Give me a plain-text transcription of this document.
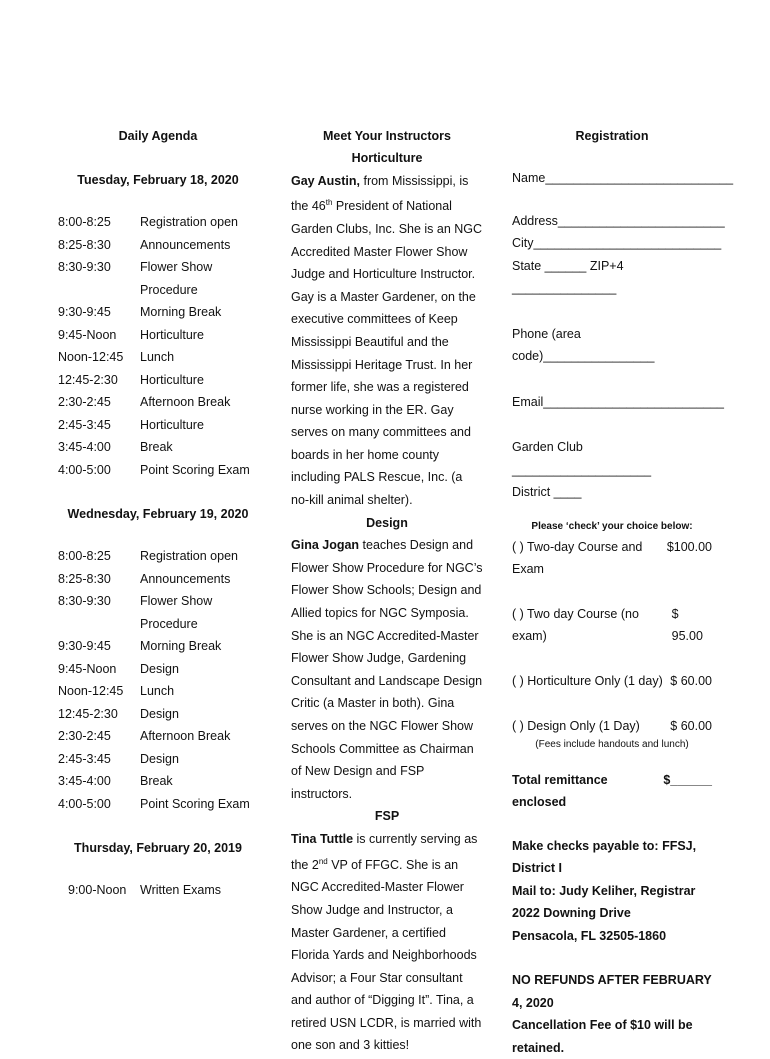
Daily Agenda
Tuesday, February 18, 2020
8:00-8:25	Registration open
8:25-8:30	Announcements
8:30-9:30	Flower Show Procedure
9:30-9:45	Morning Break
9:45-Noon	Horticulture
Noon-12:45	Lunch
12:45-2:30	Horticulture
2:30-2:45	Afternoon Break
2:45-3:45	Horticulture
3:45-4:00	Break
4:00-5:00	Point Scoring Exam
Wednesday, February 19, 2020
8:00-8:25	Registration open
8:25-8:30	Announcements
8:30-9:30	Flower Show Procedure
9:30-9:45	Morning Break
9:45-Noon	Design
Noon-12:45	Lunch
12:45-2:30	Design
2:30-2:45	Afternoon Break
2:45-3:45	Design
3:45-4:00	Break
4:00-5:00	Point Scoring Exam
Thursday, February 20, 2019
9:00-Noon	Written Exams
Meet Your Instructors
Horticulture
Gay Austin, from Mississippi, is the 46th President of National Garden Clubs, Inc. She is an NGC Accredited Master Flower Show Judge and Horticulture Instructor. Gay is a Master Gardener, on the executive committees of Keep Mississippi Beautiful and the Mississippi Heritage Trust. In her former life, she was a registered nurse working in the ER. Gay serves on many committees and boards in her home county including PALS Rescue, Inc. (a no-kill animal shelter).
Design
Gina Jogan teaches Design and Flower Show Procedure for NGC’s Flower Show Schools; Design and Allied topics for NGC Symposia. She is an NGC Accredited-Master Flower Show Judge, Gardening Consultant and Landscape Design Critic (a Master in both). Gina serves on the NGC Flower Show Schools Committee as Chairman of New Design and FSP instructors.
FSP
Tina Tuttle is currently serving as the 2nd VP of FFGC. She is an NGC Accredited-Master Flower Show Judge and Instructor, a Master Gardener, a certified Florida Yards and Neighborhoods Advisor; a Four Star consultant and author of “Digging It”. Tina, a retired USN LCDR, is married with one son and 3 kitties!
Registration
Name___________________________
Address________________________
City___________________________
State ______ ZIP+4 _______________
Phone (area code)________________
Email__________________________
Garden Club ____________________
District ____
Please ‘check’ your choice below:
( ) Two-day Course and Exam
$100.00
( ) Two day Course (no exam)
$ 95.00
( ) Horticulture Only (1 day) $ 60.00
( ) Design Only (1 Day) $ 60.00
(Fees include handouts and lunch)
Total remittance enclosed
$______
Make checks payable to: FFSJ, District I
Mail to: Judy Keliher, Registrar
2022 Downing Drive
Pensacola, FL 32505-1860
NO REFUNDS AFTER FEBRUARY 4, 2020
Cancellation Fee of $10 will be retained.
